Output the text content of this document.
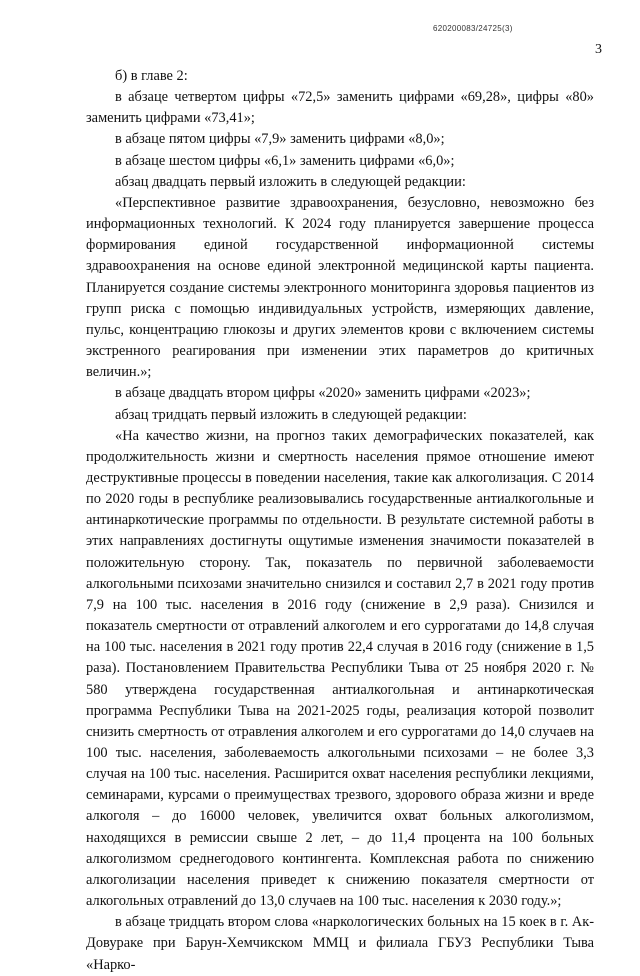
620200083/24725(3)
3

б) в главе 2:

в абзаце четвертом цифры «72,5» заменить цифрами «69,28», цифры «80» заменить цифрами «73,41»;

в абзаце пятом цифры «7,9» заменить цифрами «8,0»;

в абзаце шестом цифры «6,1» заменить цифрами «6,0»;

абзац двадцать первый изложить в следующей редакции:

«Перспективное развитие здравоохранения, безусловно, невозможно без информационных технологий. К 2024 году планируется завершение процесса формирования единой государственной информационной системы здравоохранения на основе единой электронной медицинской карты пациента. Планируется создание системы электронного мониторинга здоровья пациентов из групп риска с помощью индивидуальных устройств, измеряющих давление, пульс, концентрацию глюкозы и других элементов крови с включением системы экстренного реагирования при изменении этих параметров до критичных величин.»;

в абзаце двадцать втором цифры «2020» заменить цифрами «2023»;

абзац тридцать первый изложить в следующей редакции:

«На качество жизни, на прогноз таких демографических показателей, как продолжительность жизни и смертность населения прямое отношение имеют деструктивные процессы в поведении населения, такие как алкоголизация. С 2014 по 2020 годы в республике реализовывались государственные антиалкогольные и антинаркотические программы по отдельности. В результате системной работы в этих направлениях достигнуты ощутимые изменения значимости показателей в положительную сторону. Так, показатель по первичной заболеваемости алкогольными психозами значительно снизился и составил 2,7 в 2021 году против 7,9 на 100 тыс. населения в 2016 году (снижение в 2,9 раза). Снизился и показатель смертности от отравлений алкоголем и его суррогатами до 14,8 случая на 100 тыс. населения в 2021 году против 22,4 случая в 2016 году (снижение в 1,5 раза). Постановлением Правительства Республики Тыва от 25 ноября 2020 г. № 580 утверждена государственная антиалкогольная и антинаркотическая программа Республики Тыва на 2021-2025 годы, реализация которой позволит снизить смертность от отравления алкоголем и его суррогатами до 14,0 случаев на 100 тыс. населения, заболеваемость алкогольными психозами – не более 3,3 случая на 100 тыс. населения. Расширится охват населения республики лекциями, семинарами, курсами о преимуществах трезвого, здорового образа жизни и вреде алкоголя – до 16000 человек, увеличится охват больных алкоголизмом, находящихся в ремиссии свыше 2 лет, – до 11,4 процента на 100 больных алкоголизмом среднегодового контингента. Комплексная работа по снижению алкоголизации населения приведет к снижению показателя смертности от алкогольных отравлений до 13,0 случаев на 100 тыс. населения к 2030 году.»;

в абзаце тридцать втором слова «наркологических больных на 15 коек в г. Ак-Довураке при Барун-Хемчикском ММЦ и филиала ГБУЗ Республики Тыва «Нарко-
